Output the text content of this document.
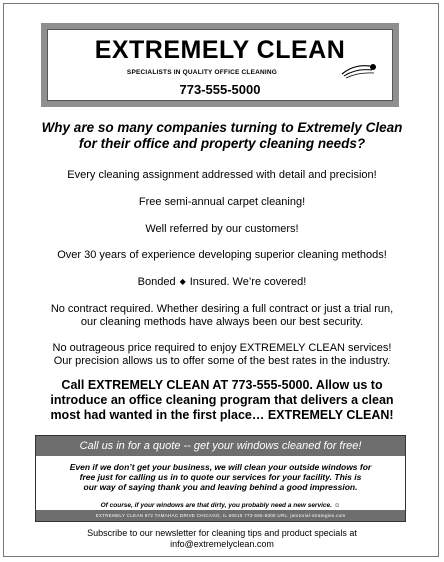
EXTREMELY CLEAN
SPECIALISTS IN QUALITY OFFICE CLEANING
773-555-5000
Why are so many companies turning to Extremely Clean
for their office and property cleaning needs?
Every cleaning assignment addressed with detail and precision!
Free semi-annual carpet cleaning!
Well referred by our customers!
Over 30 years of experience developing superior cleaning methods!
Bonded ◆ Insured. We’re covered!
No contract required. Whether desiring a full contract or just a trial run,
our cleaning methods have always been our best security.
No outrageous price required to enjoy EXTREMELY CLEAN services!
Our precision allows us to offer some of the best rates in the industry.
Call EXTREMELY CLEAN AT 773-555-5000. Allow us to
introduce an office cleaning program that delivers a clean
most had wanted in the first place… EXTREMELY CLEAN!
Call us in for a quote -- get your windows cleaned for free!
Even if we don’t get your business, we will clean your outside windows for
free just for calling us in to quote our services for your facility. This is
our way of saying thank you and leaving behind a good impression.
Of course, if your windows are that dirty, you probably need a new service. ☺
EXTREMELY CLEAN 972 TAMAHAC DRIVE CHICAGO, IL 60615 773-555-5000 URL: janitorial-strategies.com
Subscribe to our newsletter for cleaning tips and product specials at
info@extremelyclean.com
